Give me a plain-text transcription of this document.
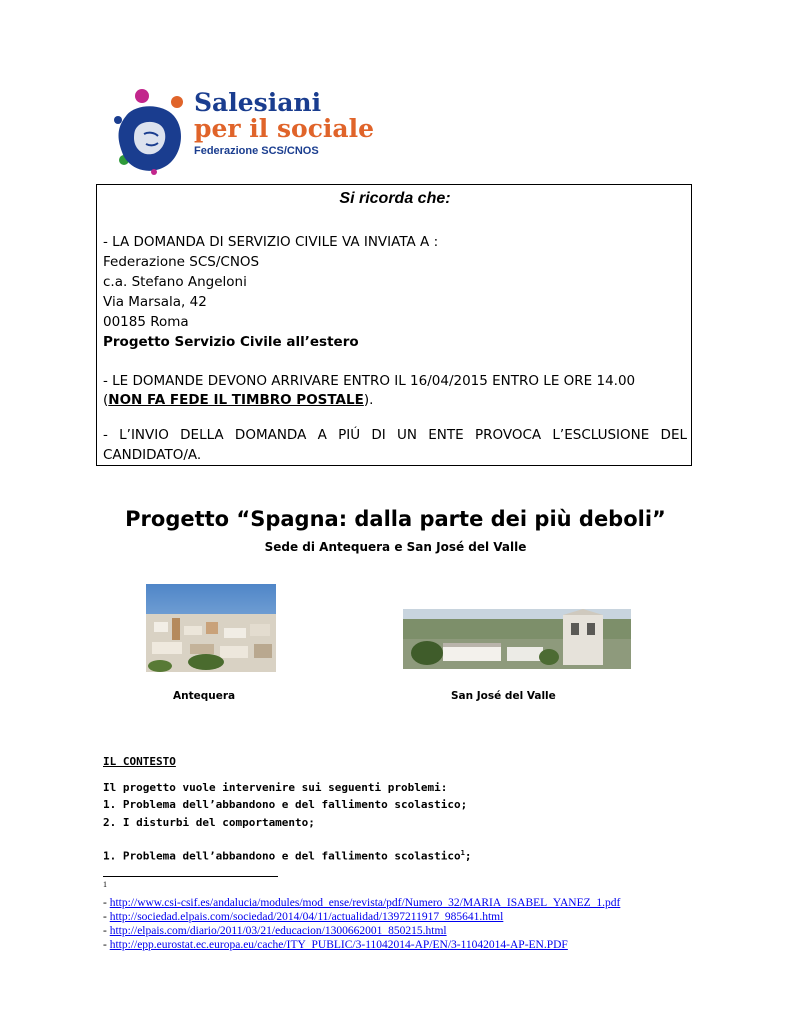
Salesiani
per il sociale
Federazione SCS/CNOS
Si ricorda che:
- LA DOMANDA DI SERVIZIO CIVILE VA INVIATA A :
Federazione SCS/CNOS
c.a. Stefano Angeloni
Via Marsala, 42
00185 Roma
Progetto Servizio Civile all’estero
- LE DOMANDE DEVONO ARRIVARE ENTRO IL 16/04/2015 ENTRO LE ORE 14.00
(NON FA FEDE IL TIMBRO POSTALE).
- L’INVIO DELLA DOMANDA A PIÚ DI UN ENTE PROVOCA L’ESCLUSIONE DEL
CANDIDATO/A.
Progetto “Spagna: dalla parte dei più deboli”
Sede di Antequera e San José del Valle
Antequera	San José del Valle
IL CONTESTO
Il progetto vuole intervenire sui seguenti problemi:
1. Problema dell’abbandono e del fallimento scolastico;
2. I disturbi del comportamento;
1. Problema dell’abbandono e del fallimento scolastico$^1$;
1
- http://www.csi-csif.es/andalucia/modules/mod_ense/revista/pdf/Numero_32/MARIA_ISABEL_YANEZ_1.pdf
- http://sociedad.elpais.com/sociedad/2014/04/11/actualidad/1397211917_985641.html
- http://elpais.com/diario/2011/03/21/educacion/1300662001_850215.html
- http://epp.eurostat.ec.europa.eu/cache/ITY_PUBLIC/3-11042014-AP/EN/3-11042014-AP-EN.PDF
